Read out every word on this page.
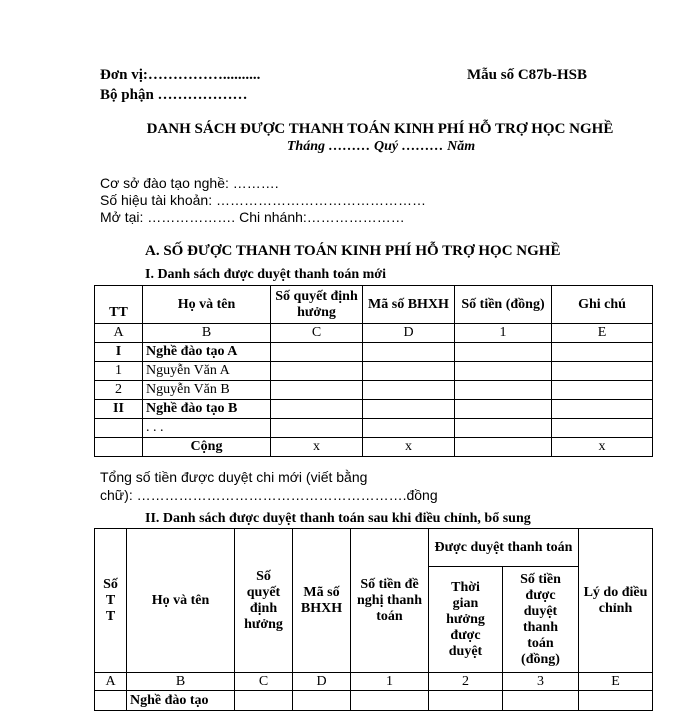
Đơn vị:……………..........	Mẫu số C87b-HSB
Bộ phận ………………
DANH SÁCH ĐƯỢC THANH TOÁN KINH PHÍ HỖ TRỢ HỌC NGHỀ
Tháng ……… Quý ……… Năm
Cơ sở đào tạo nghề: ……….
Số hiệu tài khoản: ………………………………………
Mở tại: ………………. Chi nhánh:…………………
A. SỐ ĐƯỢC THANH TOÁN KINH PHÍ HỖ TRỢ HỌC NGHỀ
I. Danh sách được duyệt thanh toán mới
TT	Họ và tên	Số quyết định hưởng	Mã số BHXH	Số tiền (đồng)	Ghi chú
A	B	C	D	1	E
I	Nghề đào tạo A				
1	Nguyễn Văn A				
2	Nguyễn Văn B				
II	Nghề đào tạo B				
	. . .				
	Cộng	x	x		x
Tổng số tiền được duyệt chi mới (viết bằng
chữ): ………………………………………………….đồng
II. Danh sách được duyệt thanh toán sau khi điều chỉnh, bổ sung
Số T T	Họ và tên	Số quyết định hưởng	Mã số BHXH	Số tiền đề nghị thanh toán	Được duyệt thanh toán		Lý do điều chỉnh
					Thời gian hưởng được duyệt	Số tiền được duyệt thanh toán (đồng)	
A	B	C	D	1	2	3	E
	Nghề đào tạo						
